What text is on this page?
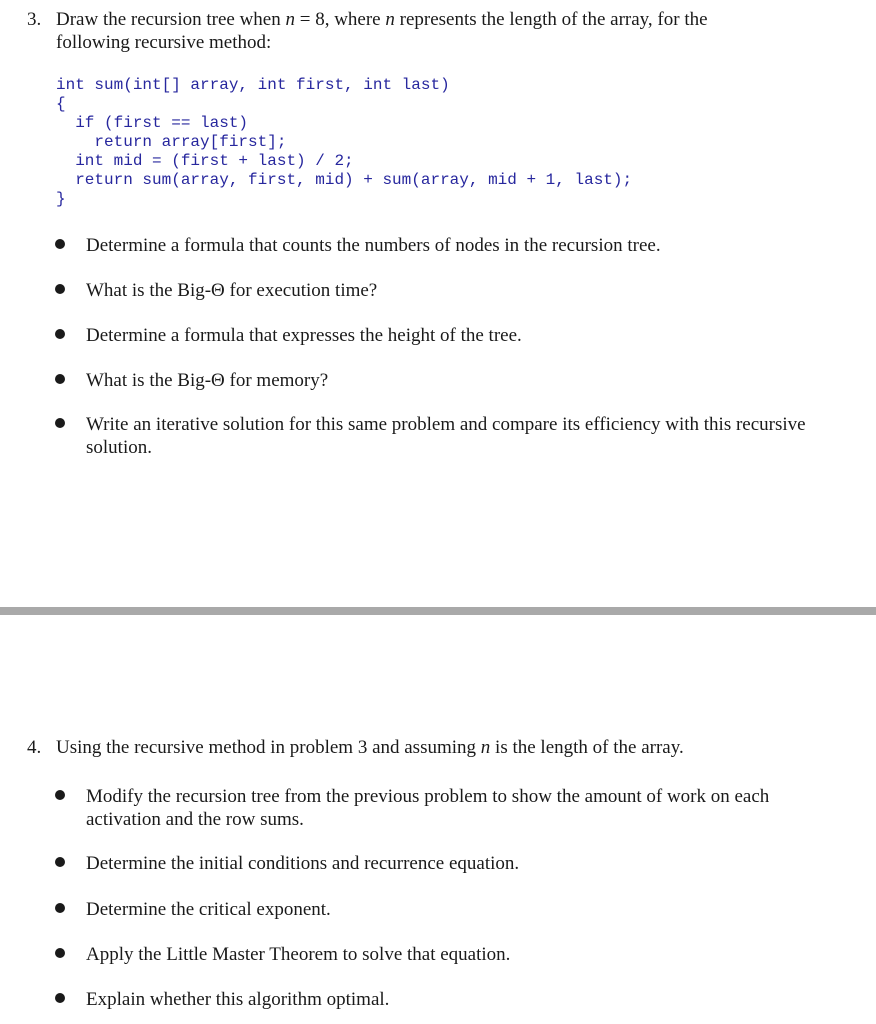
3. Draw the recursion tree when n = 8, where n represents the length of the array, for the
following recursive method:
int sum(int[] array, int first, int last)
{
if (first == last)
return array[first];
int mid = (first + last) / 2;
return sum(array, first, mid) + sum(array, mid + 1, last);
}
Determine a formula that counts the numbers of nodes in the recursion tree.
What is the Big-Θ for execution time?
Determine a formula that expresses the height of the tree.
What is the Big-Θ for memory?
Write an iterative solution for this same problem and compare its efficiency with this recursive solution.
4. Using the recursive method in problem 3 and assuming n is the length of the array.
Modify the recursion tree from the previous problem to show the amount of work on each activation and the row sums.
Determine the initial conditions and recurrence equation.
Determine the critical exponent.
Apply the Little Master Theorem to solve that equation.
Explain whether this algorithm optimal.
